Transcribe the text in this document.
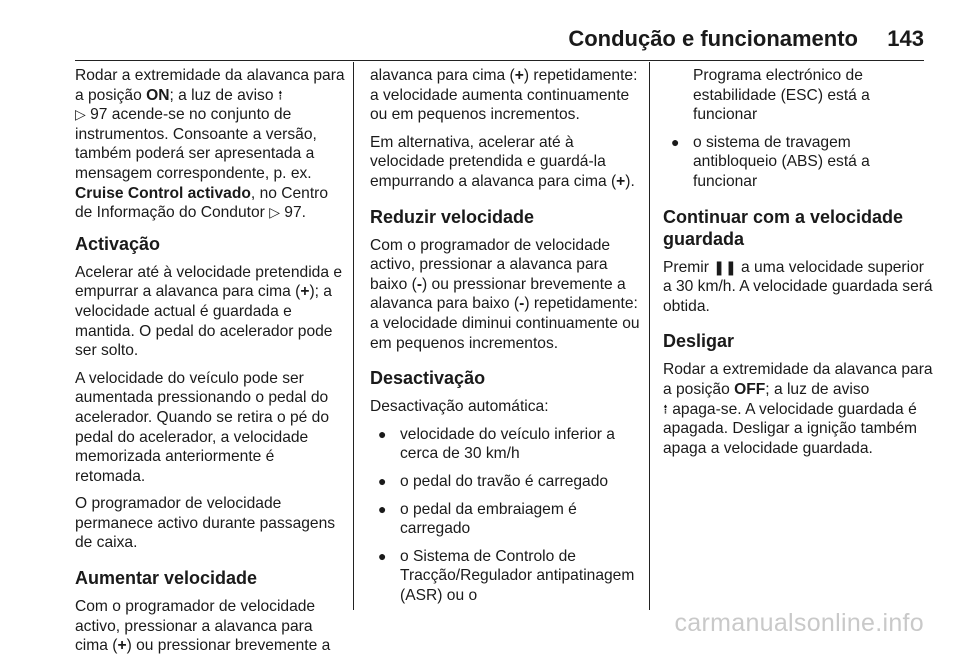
Condução e funcionamento 143

Rodar a extremidade da alavanca para a posição ON; a luz de aviso ⭫
▷ 97 acende-se no conjunto de instrumentos. Consoante a versão, também poderá ser apresentada a mensagem correspondente, p. ex. Cruise Control activado, no Centro de Informação do Condutor ▷ 97.

Activação

Acelerar até à velocidade pretendida e empurrar a alavanca para cima (+); a velocidade actual é guardada e mantida. O pedal do acelerador pode ser solto.

A velocidade do veículo pode ser aumentada pressionando o pedal do acelerador. Quando se retira o pé do pedal do acelerador, a velocidade memorizada anteriormente é retomada.

O programador de velocidade permanece activo durante passagens de caixa.

Aumentar velocidade

Com o programador de velocidade activo, pressionar a alavanca para cima (+) ou pressionar brevemente a

alavanca para cima (+) repetidamente: a velocidade aumenta continuamente ou em pequenos incrementos.

Em alternativa, acelerar até à velocidade pretendida e guardá-la empurrando a alavanca para cima (+).

Reduzir velocidade

Com o programador de velocidade activo, pressionar a alavanca para baixo (-) ou pressionar brevemente a alavanca para baixo (-) repetidamente: a velocidade diminui continuamente ou em pequenos incrementos.

Desactivação

Desactivação automática:

● velocidade do veículo inferior a cerca de 30 km/h
● o pedal do travão é carregado
● o pedal da embraiagem é carregado
● o Sistema de Controlo de Tracção/Regulador antipatinagem (ASR) ou o

Programa electrónico de estabilidade (ESC) está a funcionar

● o sistema de travagem antibloqueio (ABS) está a funcionar
Continuar com a velocidade guardada

Premir ❚❚ a uma velocidade superior a 30 km/h. A velocidade guardada será obtida.

Desligar

Rodar a extremidade da alavanca para a posição OFF; a luz de aviso
⭫ apaga-se. A velocidade guardada é apagada. Desligar a ignição também apaga a velocidade guardada.

carmanualsonline.info
